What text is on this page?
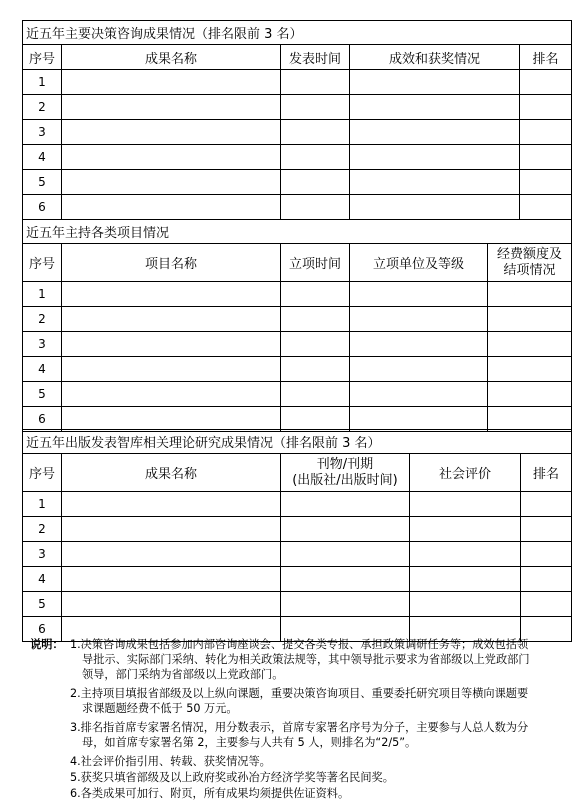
近五年主要决策咨询成果情况（排名限前 3 名）				
序号	成果名称	发表时间	成效和获奖情况	排名
1				
2				
3				
4				
5				
6				
近五年主持各类项目情况				
序号	项目名称	立项时间	立项单位及等级	经费额度及
结项情况

1				
2				
3				
4				
5				
6				
近五年出版发表智库相关理论研究成果情况（排名限前 3 名）				
序号	成果名称	刊物/刊期
(出版社/出版时间)	社会评价	排名
1				
2				
3				
4				
5				
6				
说明： 1.决策咨询成果包括参加内部咨询座谈会、提交各类专报、承担政策调研任务等；成效包括领
导批示、实际部门采纳、转化为相关政策法规等，其中领导批示要求为省部级以上党政部门
领导，部门采纳为省部级以上党政部门。
2.主持项目填报省部级及以上纵向课题，重要决策咨询项目、重要委托研究项目等横向课题要
求课题题经费不低于 50 万元。
3.排名指首席专家署名情况，用分数表示，首席专家署名序号为分子，主要参与人总人数为分
母，如首席专家署名第 2，主要参与人共有 5 人，则排名为“2/5”。
4.社会评价指引用、转载、获奖情况等。
5.获奖只填省部级及以上政府奖或孙冶方经济学奖等著名民间奖。
6.各类成果可加行、附页，所有成果均须提供佐证资料。
